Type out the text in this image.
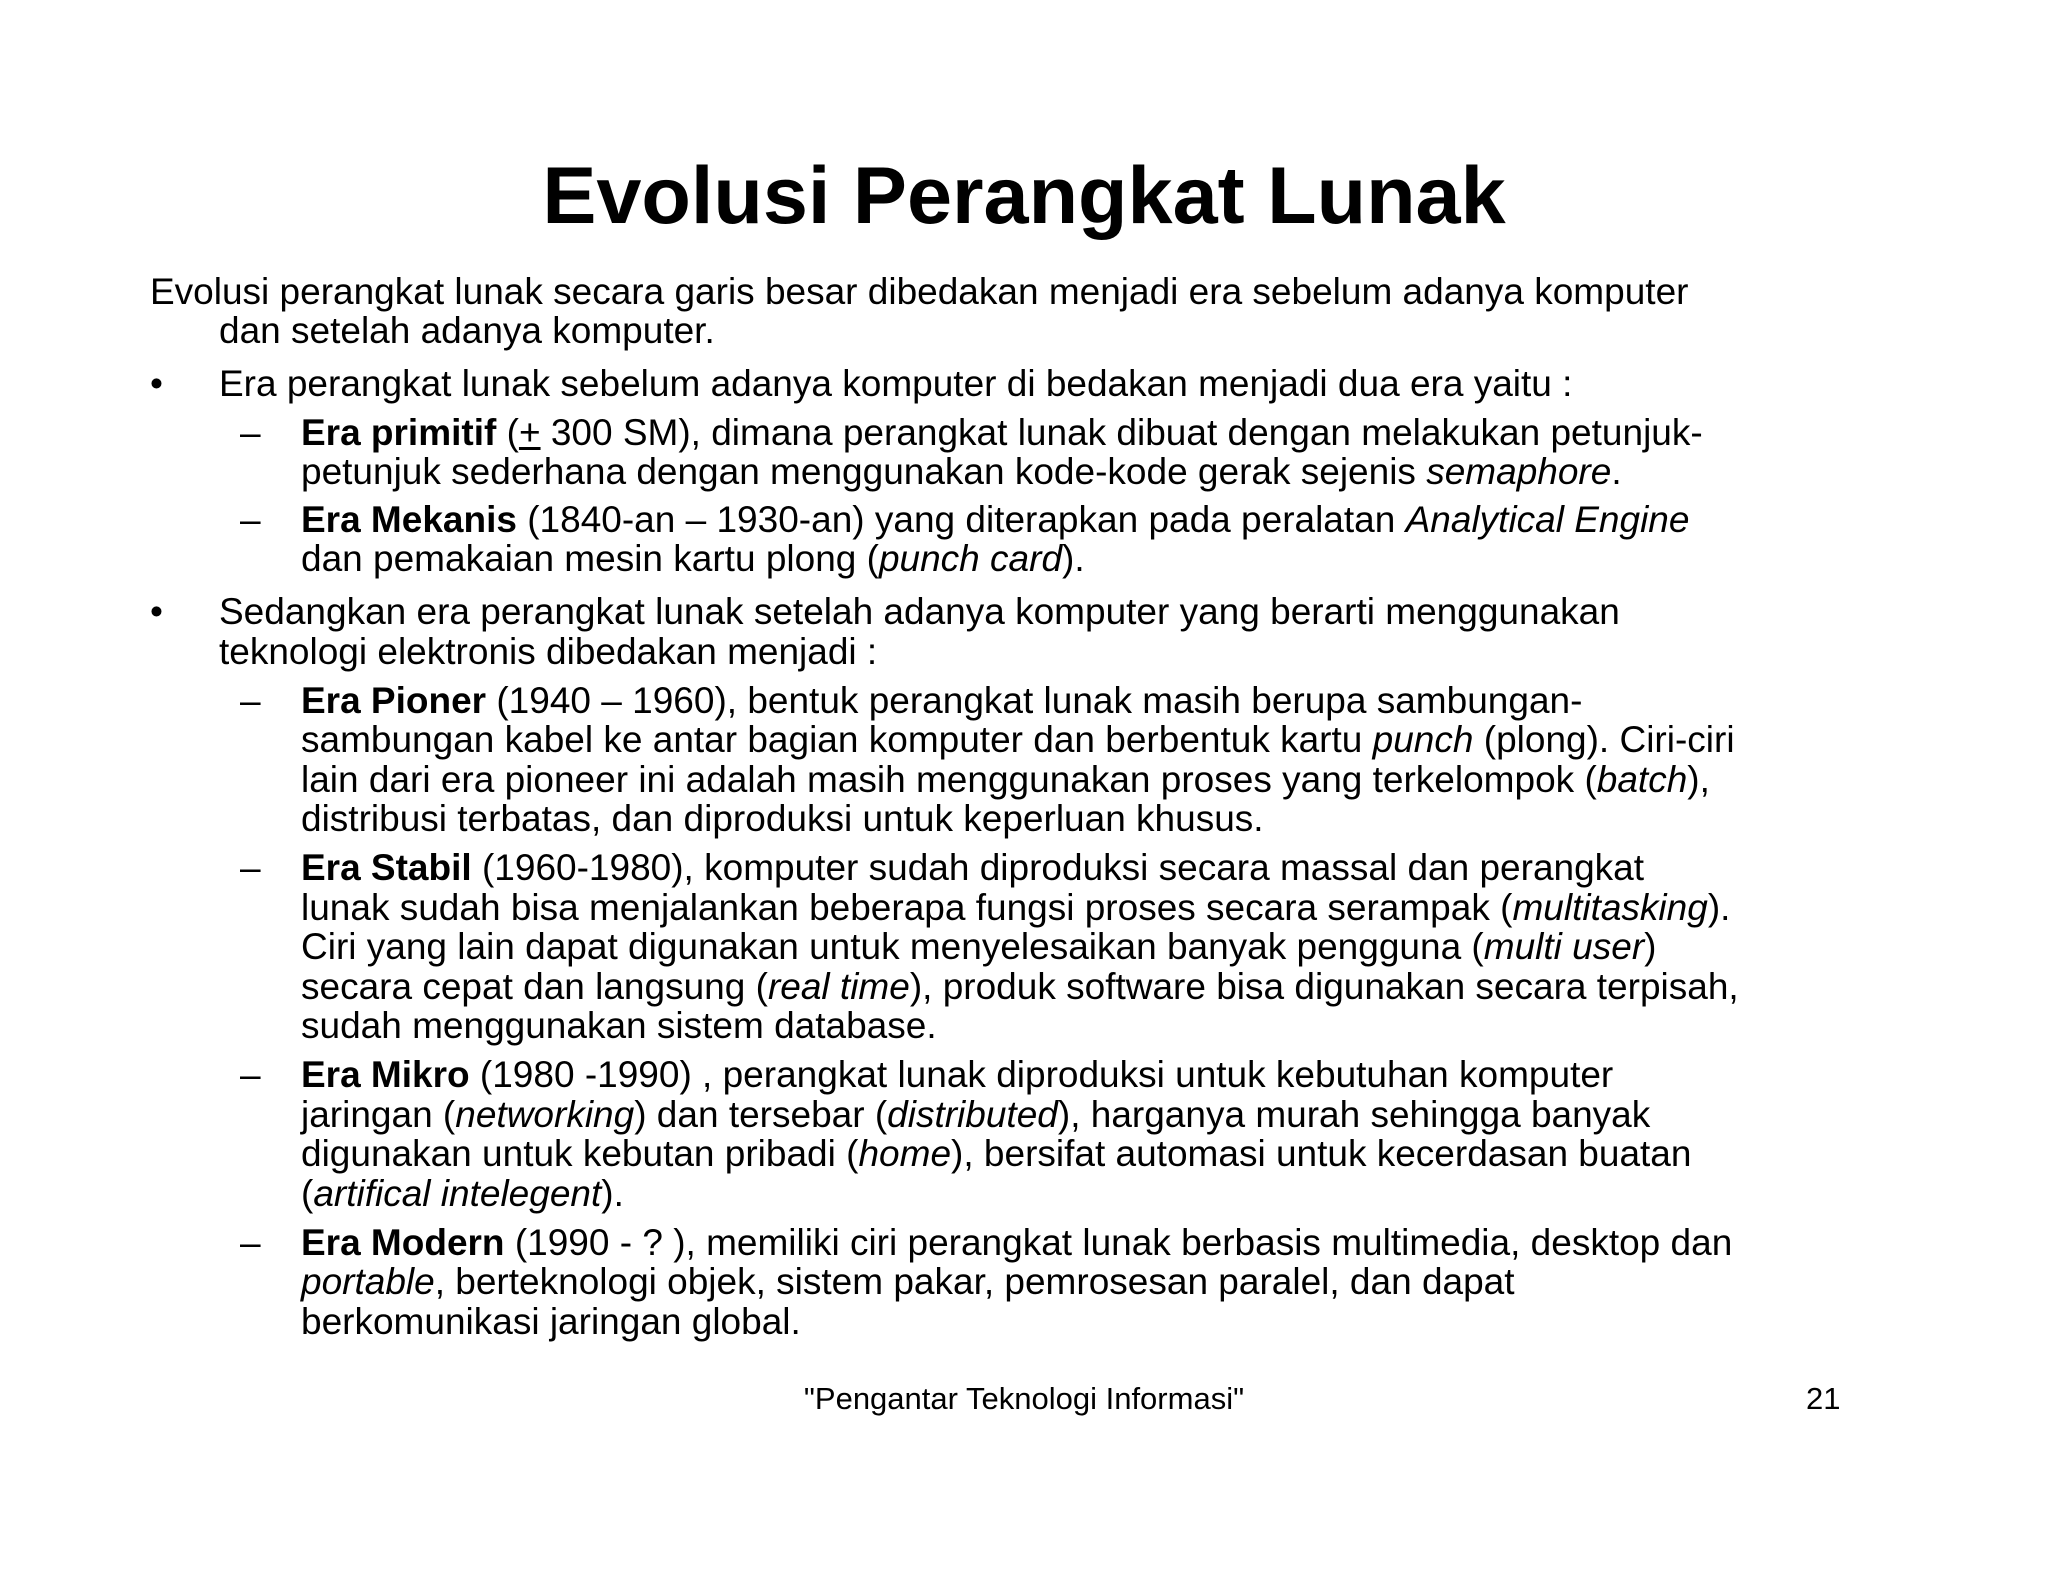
Evolusi Perangkat Lunak
Evolusi perangkat lunak secara garis besar dibedakan menjadi era sebelum adanya komputer
dan setelah adanya komputer.
• Era perangkat lunak sebelum adanya komputer di bedakan menjadi dua era yaitu :
– Era primitif (+ 300 SM), dimana perangkat lunak dibuat dengan melakukan petunjuk-
petunjuk sederhana dengan menggunakan kode-kode gerak sejenis semaphore.
– Era Mekanis (1840-an – 1930-an) yang diterapkan pada peralatan Analytical Engine
dan pemakaian mesin kartu plong (punch card).
• Sedangkan era perangkat lunak setelah adanya komputer yang berarti menggunakan
teknologi elektronis dibedakan menjadi :
– Era Pioner (1940 – 1960), bentuk perangkat lunak masih berupa sambungan-
sambungan kabel ke antar bagian komputer dan berbentuk kartu punch (plong). Ciri-ciri
lain dari era pioneer ini adalah masih menggunakan proses yang terkelompok (batch),
distribusi terbatas, dan diproduksi untuk keperluan khusus.
– Era Stabil (1960-1980), komputer sudah diproduksi secara massal dan perangkat
lunak sudah bisa menjalankan beberapa fungsi proses secara serampak (multitasking).
Ciri yang lain dapat digunakan untuk menyelesaikan banyak pengguna (multi user)
secara cepat dan langsung (real time), produk software bisa digunakan secara terpisah,
sudah menggunakan sistem database.
– Era Mikro (1980 -1990) , perangkat lunak diproduksi untuk kebutuhan komputer
jaringan (networking) dan tersebar (distributed), harganya murah sehingga banyak
digunakan untuk kebutan pribadi (home), bersifat automasi untuk kecerdasan buatan
(artifical intelegent).
– Era Modern (1990 - ? ), memiliki ciri perangkat lunak berbasis multimedia, desktop dan
portable, berteknologi objek, sistem pakar, pemrosesan paralel, dan dapat
berkomunikasi jaringan global.
"Pengantar Teknologi Informasi"	21
